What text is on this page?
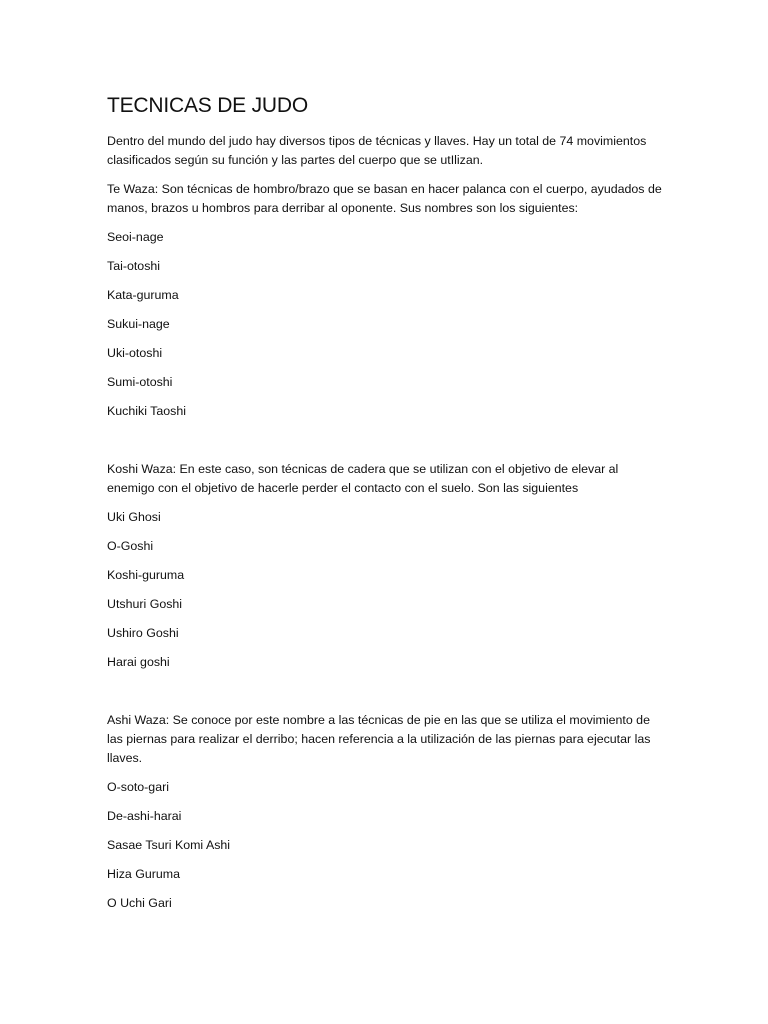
TECNICAS DE JUDO

Dentro del mundo del judo hay diversos tipos de técnicas y llaves. Hay un total de 74 movimientos clasificados según su función y las partes del cuerpo que se utIlizan.

Te Waza: Son técnicas de hombro/brazo que se basan en hacer palanca con el cuerpo, ayudados de manos, brazos u hombros para derribar al oponente. Sus nombres son los siguientes:

Seoi-nage

Tai-otoshi

Kata-guruma

Sukui-nage

Uki-otoshi

Sumi-otoshi

Kuchiki Taoshi

Koshi Waza: En este caso, son técnicas de cadera que se utilizan con el objetivo de elevar al enemigo con el objetivo de hacerle perder el contacto con el suelo. Son las siguientes

Uki Ghosi

O-Goshi

Koshi-guruma

Utshuri Goshi

Ushiro Goshi

Harai goshi

Ashi Waza: Se conoce por este nombre a las técnicas de pie en las que se utiliza el movimiento de las piernas para realizar el derribo; hacen referencia a la utilización de las piernas para ejecutar las llaves.

O-soto-gari

De-ashi-harai

Sasae Tsuri Komi Ashi

Hiza Guruma

O Uchi Gari
